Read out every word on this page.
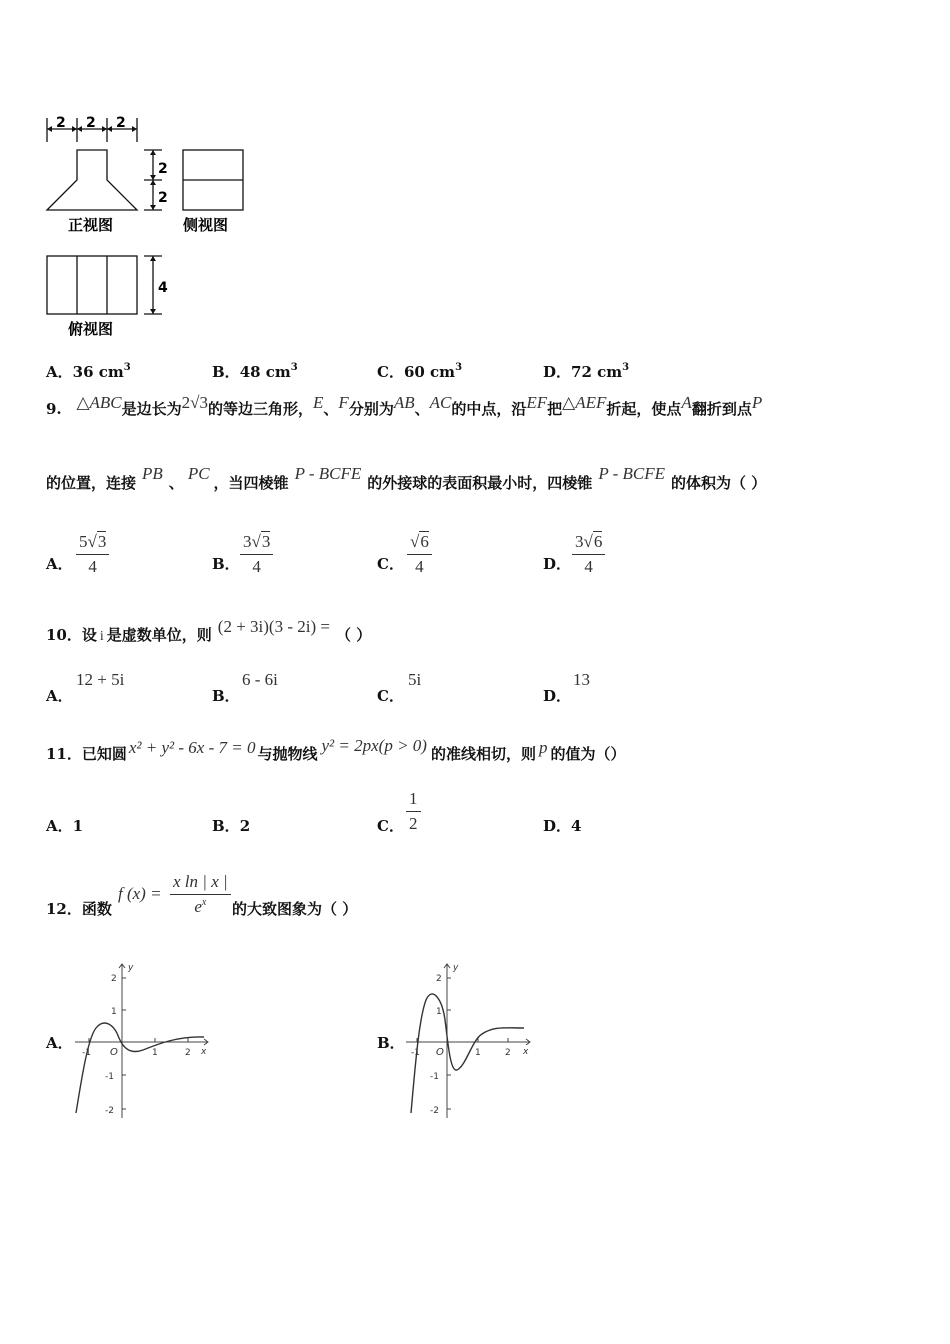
2 2 2
2
2
正视图	侧视图
4
俯视图
A．36 $cm^3$	B．48 $cm^3$	C．60 $cm^3$	D．72 $cm^3$
9. △ABC是边长为2√3的等边三角形，E、F分别为AB、AC的中点，沿EF把△AEF折起，使点A翻折到点P
的位置，连接 PB 、 PC ，当四棱锥 P - BCFE 的外接球的表面积最小时，四棱锥 P - BCFE 的体积为（ ）
A． $\frac{5√3}{4}$	B． $\frac{3√3}{4}$	C． $\frac{√6}{4}$	D． $\frac{3√6}{4}$
10．设 i 是虚数单位，则 (2 + 3i)(3 - 2i) = （ ）
A．
12 + 5i
B．
6 - 6i
C．
5i
D．
13
11．已知圆 x² + y² - 6x - 7 = 0 与抛物线 y² = 2px(p > 0) 的准线相切，则 p 的值为（）
A．1	B．2	C． $\frac{1}{2}$	D．4
12．函数
f $(x) = \frac{\text{x ln | x |}}{e^x}$ 的大致图象为（ ）
A．
y
x
O
2
1
-1
-2
-1	1	2
B．
y
x
O
2
1
-1
-2
-1	1	2
